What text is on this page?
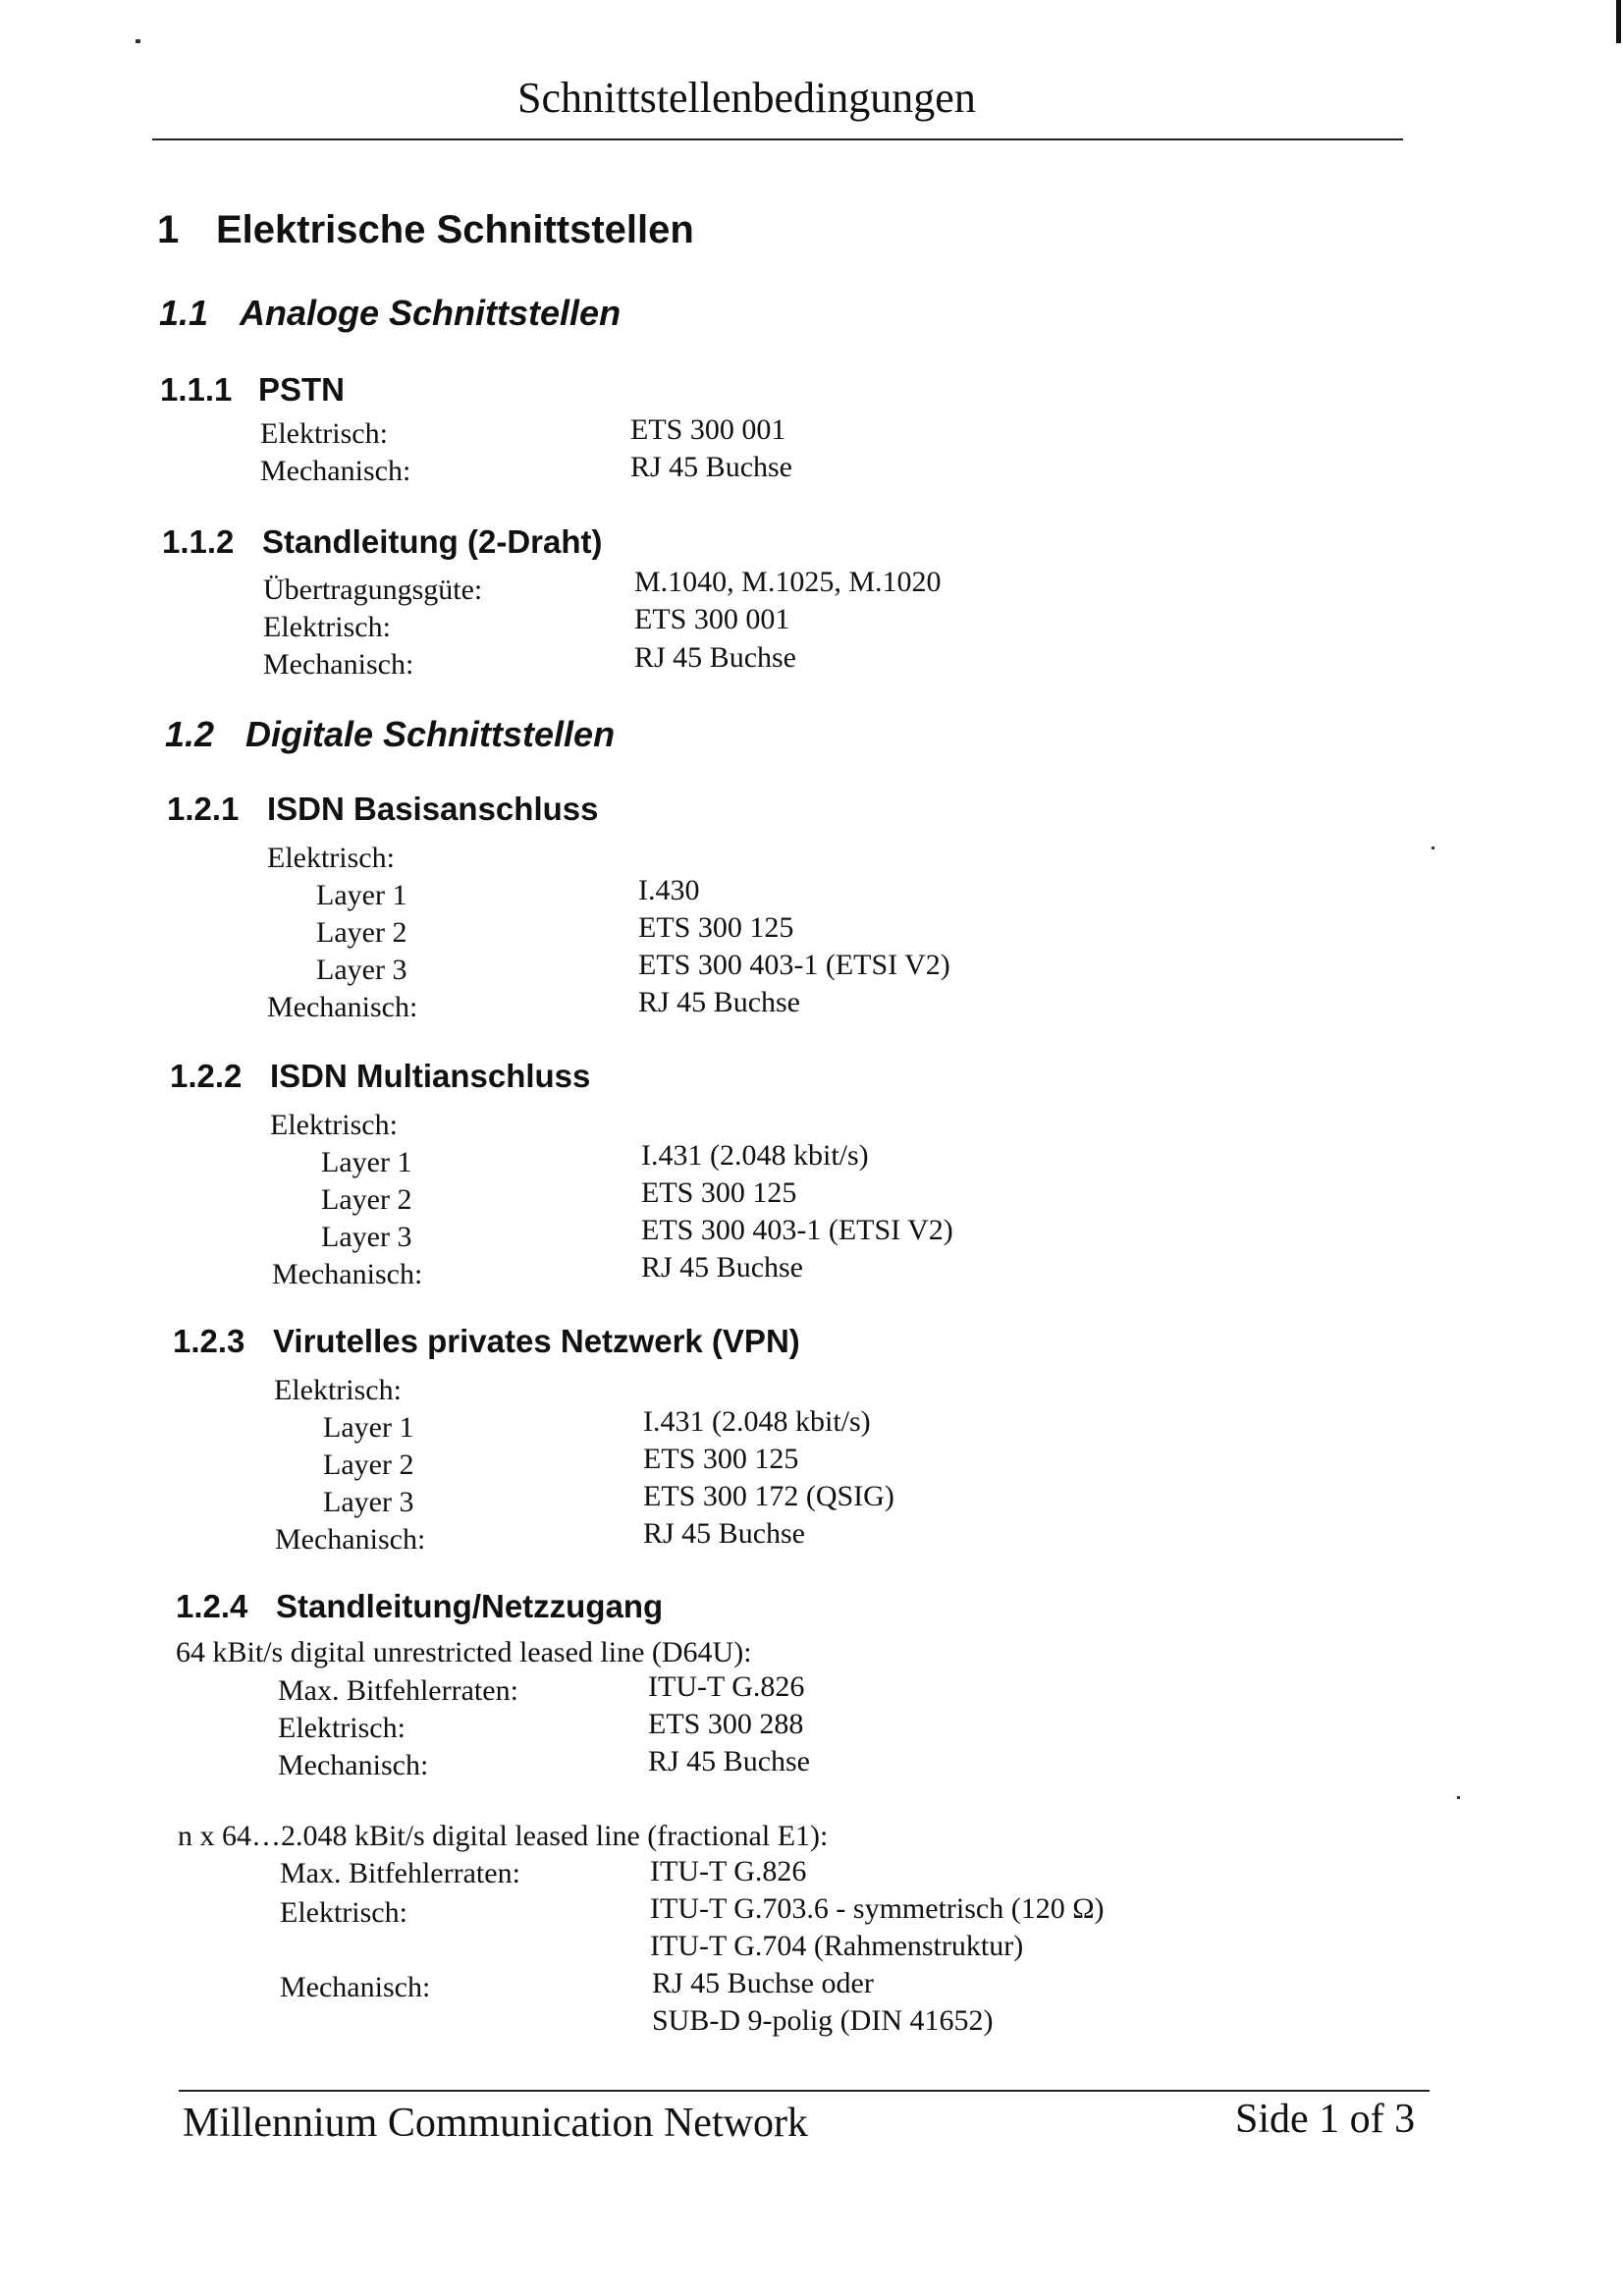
Schnittstellenbedingungen
1 Elektrische Schnittstellen
1.1 Analoge Schnittstellen
1.1.1 PSTN
Elektrisch:	ETS 300 001
Mechanisch:	RJ 45 Buchse
1.1.2 Standleitung (2-Draht)
Übertragungsgüte:	M.1040, M.1025, M.1020
Elektrisch:	ETS 300 001
Mechanisch:	RJ 45 Buchse
1.2 Digitale Schnittstellen
1.2.1 ISDN Basisanschluss
Elektrisch:
Layer 1	I.430
Layer 2	ETS 300 125
Layer 3	ETS 300 403-1 (ETSI V2)
Mechanisch:	RJ 45 Buchse
1.2.2 ISDN Multianschluss
Elektrisch:
Layer 1	I.431 (2.048 kbit/s)
Layer 2	ETS 300 125
Layer 3	ETS 300 403-1 (ETSI V2)
Mechanisch:	RJ 45 Buchse
1.2.3 Virutelles privates Netzwerk (VPN)
Elektrisch:
Layer 1	I.431 (2.048 kbit/s)
Layer 2	ETS 300 125
Layer 3	ETS 300 172 (QSIG)
Mechanisch:	RJ 45 Buchse
1.2.4 Standleitung/Netzzugang
64 kBit/s digital unrestricted leased line (D64U):
Max. Bitfehlerraten:	ITU-T G.826
Elektrisch:	ETS 300 288
Mechanisch:	RJ 45 Buchse
n x 64…2.048 kBit/s digital leased line (fractional E1):
Max. Bitfehlerraten:	ITU-T G.826
Elektrisch:	ITU-T G.703.6 - symmetrisch (120 Ω)
ITU-T G.704 (Rahmenstruktur)
Mechanisch:	RJ 45 Buchse oder
SUB-D 9-polig (DIN 41652)
Millennium Communication Network	Side 1 of 3
